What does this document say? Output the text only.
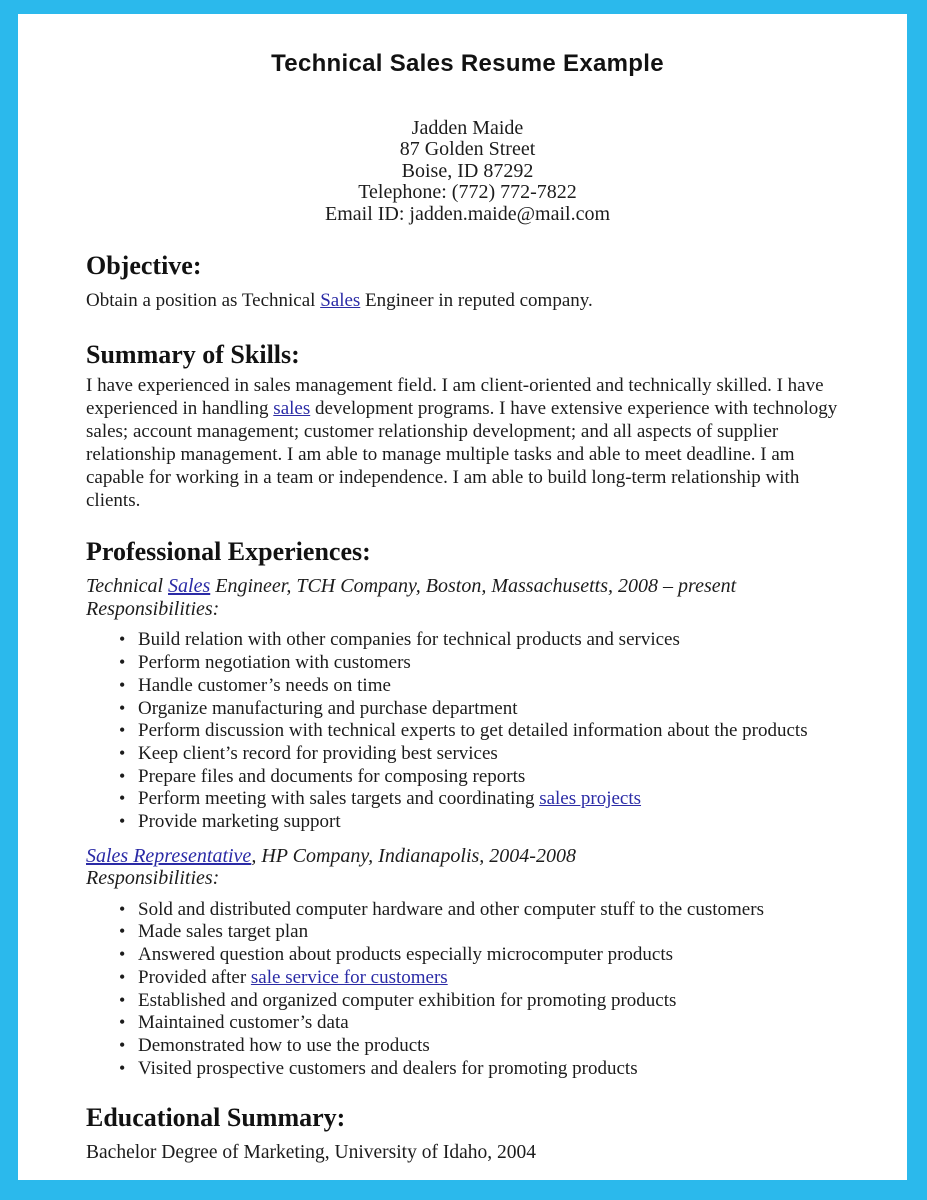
Technical Sales Resume Example
Jadden Maide
87 Golden Street
Boise, ID 87292
Telephone: (772) 772-7822
Email ID: jadden.maide@mail.com
Objective:
Obtain a position as Technical Sales Engineer in reputed company.
Summary of Skills:
I have experienced in sales management field. I am client-oriented and technically skilled. I have experienced in handling sales development programs. I have extensive experience with technology sales; account management; customer relationship development; and all aspects of supplier relationship management. I am able to manage multiple tasks and able to meet deadline. I am capable for working in a team or independence. I am able to build long-term relationship with clients.
Professional Experiences:
Technical Sales Engineer, TCH Company, Boston, Massachusetts, 2008 – present
Responsibilities:
• Build relation with other companies for technical products and services
• Perform negotiation with customers
• Handle customer’s needs on time
• Organize manufacturing and purchase department
• Perform discussion with technical experts to get detailed information about the products
• Keep client’s record for providing best services
• Prepare files and documents for composing reports
• Perform meeting with sales targets and coordinating sales projects
• Provide marketing support
Sales Representative, HP Company, Indianapolis, 2004-2008
Responsibilities:
• Sold and distributed computer hardware and other computer stuff to the customers
• Made sales target plan
• Answered question about products especially microcomputer products
• Provided after sale service for customers
• Established and organized computer exhibition for promoting products
• Maintained customer’s data
• Demonstrated how to use the products
• Visited prospective customers and dealers for promoting products
Educational Summary:
Bachelor Degree of Marketing, University of Idaho, 2004
